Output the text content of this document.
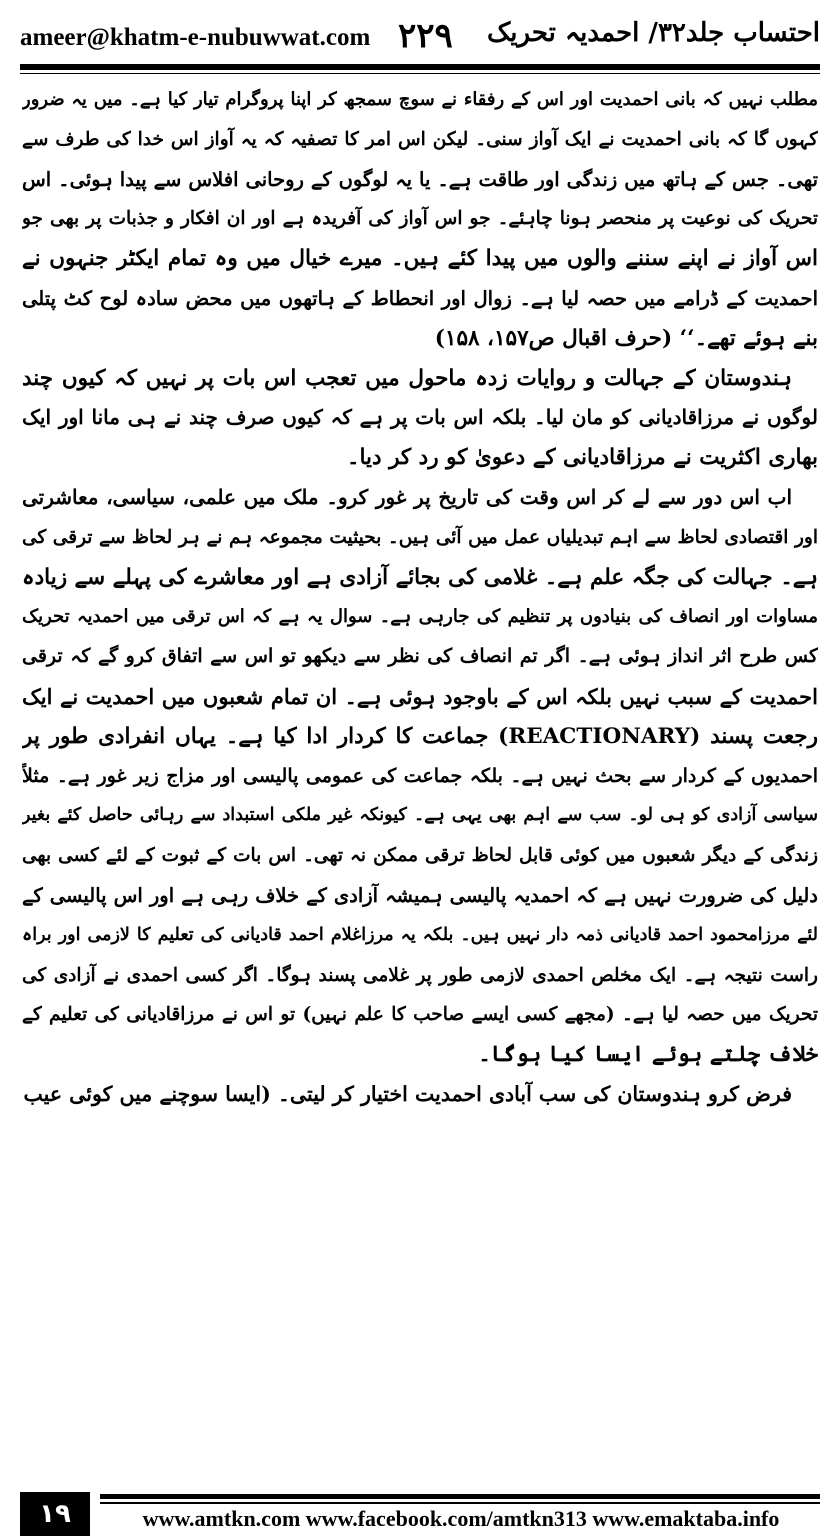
ameer@khatm-e-nubuwwat.com ۲۲۹ احتساب جلد۳۲/ احمدیہ تحریک
مطلب نہیں کہ بانی احمدیت اور اس کے رفقاء نے سوچ سمجھ کر اپنا پروگرام تیار کیا ہے۔ میں یہ ضرور
کہوں گا کہ بانی احمدیت نے ایک آواز سنی۔ لیکن اس امر کا تصفیہ کہ یہ آواز اس خدا کی طرف سے
تھی۔ جس کے ہاتھ میں زندگی اور طاقت ہے۔ یا یہ لوگوں کے روحانی افلاس سے پیدا ہوئی۔ اس
تحریک کی نوعیت پر منحصر ہونا چاہئے۔ جو اس آواز کی آفریدہ ہے اور ان افکار و جذبات پر بھی جو
اس آواز نے اپنے سننے والوں میں پیدا کئے ہیں۔ میرے خیال میں وہ تمام ایکٹر جنہوں نے
احمدیت کے ڈرامے میں حصہ لیا ہے۔ زوال اور انحطاط کے ہاتھوں میں محض سادہ لوح کٹ پتلی
بنے ہوئے تھے۔‘‘ (حرف اقبال ص۱۵۷، ۱۵۸)
ہندوستان کے جہالت و روایات زدہ ماحول میں تعجب اس بات پر نہیں کہ کیوں چند
لوگوں نے مرزاقادیانی کو مان لیا۔ بلکہ اس بات پر ہے کہ کیوں صرف چند نے ہی مانا اور ایک
بھاری اکثریت نے مرزاقادیانی کے دعویٰ کو رد کر دیا۔
اب اس دور سے لے کر اس وقت کی تاریخ پر غور کرو۔ ملک میں علمی، سیاسی، معاشرتی
اور اقتصادی لحاظ سے اہم تبدیلیاں عمل میں آئی ہیں۔ بحیثیت مجموعہ ہم نے ہر لحاظ سے ترقی کی
ہے۔ جہالت کی جگہ علم ہے۔ غلامی کی بجائے آزادی ہے اور معاشرے کی پہلے سے زیادہ
مساوات اور انصاف کی بنیادوں پر تنظیم کی جارہی ہے۔ سوال یہ ہے کہ اس ترقی میں احمدیہ تحریک
کس طرح اثر انداز ہوئی ہے۔ اگر تم انصاف کی نظر سے دیکھو تو اس سے اتفاق کرو گے کہ ترقی
احمدیت کے سبب نہیں بلکہ اس کے باوجود ہوئی ہے۔ ان تمام شعبوں میں احمدیت نے ایک
رجعت پسند (REACTIONARY) جماعت کا کردار ادا کیا ہے۔ یہاں انفرادی طور پر
احمدیوں کے کردار سے بحث نہیں ہے۔ بلکہ جماعت کی عمومی پالیسی اور مزاج زیر غور ہے۔ مثلاً
سیاسی آزادی کو ہی لو۔ سب سے اہم بھی یہی ہے۔ کیونکہ غیر ملکی استبداد سے رہائی حاصل کئے بغیر
زندگی کے دیگر شعبوں میں کوئی قابل لحاظ ترقی ممکن نہ تھی۔ اس بات کے ثبوت کے لئے کسی بھی
دلیل کی ضرورت نہیں ہے کہ احمدیہ پالیسی ہمیشہ آزادی کے خلاف رہی ہے اور اس پالیسی کے
لئے مرزامحمود احمد قادیانی ذمہ دار نہیں ہیں۔ بلکہ یہ مرزاغلام احمد قادیانی کی تعلیم کا لازمی اور براہ
راست نتیجہ ہے۔ ایک مخلص احمدی لازمی طور پر غلامی پسند ہوگا۔ اگر کسی احمدی نے آزادی کی
تحریک میں حصہ لیا ہے۔ (مجھے کسی ایسے صاحب کا علم نہیں) تو اس نے مرزاقادیانی کی تعلیم کے
خلاف چلتے ہوئے ایسا کیا ہوگا۔
فرض کرو ہندوستان کی سب آبادی احمدیت اختیار کر لیتی۔ (ایسا سوچنے میں کوئی عیب
۱۹	www.amtkn.com www.facebook.com/amtkn313 www.emaktaba.info
